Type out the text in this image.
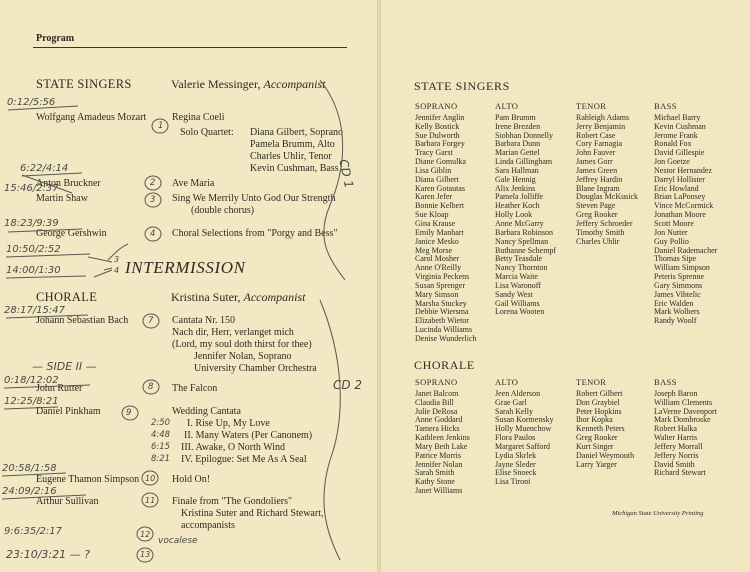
Program
STATE SINGERS	Valerie Messinger, Accompanist
Wolfgang Amadeus Mozart	Regina Coeli
Solo Quartet: Diana Gilbert, Soprano
Pamela Brumm, Alto
Charles Uhlir, Tenor
Kevin Cushman, Bass
Anton Bruckner	Ave Maria
Martin Shaw	Sing We Merrily Unto God Our Strength
(double chorus)
George Gershwin	Choral Selections from "Porgy and Bess"
INTERMISSION
CHORALE	Kristina Suter, Accompanist
Johann Sebastian Bach	Cantata Nr. 150
Nach dir, Herr, verlanget mich
(Lord, my soul doth thirst for thee)
Jennifer Nolan, Soprano
University Chamber Orchestra
John Rutter	The Falcon
Daniel Pinkham	Wedding Cantata
I. Rise Up, My Love
II. Many Waters (Per Canonem)
III. Awake, O North Wind
IV. Epilogue: Set Me As A Seal
Eugene Thamon Simpson	Hold On!
Arthur Sullivan	Finale from "The Gondoliers"
Kristina Suter and Richard Stewart,
accompanists
0:12/5:56
6:22/4:14
15:46/2:37
18:23/9:39
10:50/2:52
14:00/1:30
3
4
28:17/15:47
— SIDE II —
0:18/12:02
12:25/8:21
2:50
4:48
6:15
8:21
20:58/1:58
24:09/2:16
9:6:35/2:17
23:10/3:21 — ?
vocalese
CD 1
CD 2
1
2
3
4
7
8
9
10
11
12
13
STATE SINGERS
SOPRANO
Jennifer Anglin
Kelly Bostick
Sue Dulworth
Barbara Forgey
Tracy Garst
Diane Gomulka
Lisa Giblin
Diana Gilbert
Karen Gotautas
Karen Jefer
Bonnie Kelbert
Sue Kloap
Gina Krause
Emily Manhart
Janice Mesko
Meg Morse
Carol Mosher
Anne O'Reilly
Virginia Peckens
Susan Sprenger
Mary Simson
Marsha Stuckey
Debbie Wiersma
Elizabeth Wietor
Lucinda Williams
Denise Wunderlich
ALTO
Pam Brumm
Irene Brezden
Siobhan Donnelly
Barbara Dunn
Marian Gettel
Linda Gillingham
Sara Hallman
Gale Hennig
Alix Jenkins
Pamela Jolliffe
Heather Koch
Holly Look
Anne McGarry
Barbara Robinson
Nancy Spellman
Buthanne Schempf
Betty Teasdale
Nancy Thornton
Marcia Waite
Lisa Waronoff
Sandy West
Gail Williams
Lorena Wooten
TENOR
Rahleigh Adams
Jerry Benjamin
Robert Case
Cory Farnagia
John Fauver
James Gorr
James Green
Jeffrey Hardin
Blane Ingram
Douglas McKusick
Steven Page
Greg Rooker
Jeffery Schroeder
Timothy Smith
Charles Uhlir
BASS
Michael Barry
Kevin Cushman
Jerome Frank
Ronald Fox
David Gillespie
Jon Goetze
Nestor Hernandez
Darryl Hollister
Eric Howland
Brian LaPonsey
Vince McCormick
Jonathan Moore
Scott Moore
Jon Nutter
Guy Pollio
Daniel Rademacher
Thomas Sipe
William Simpson
Peteris Sprenne
Gary Simmons
James Vihtelic
Eric Walden
Mark Wolbers
Randy Woolf
CHORALE
SOPRANO
Janet Balcom
Claudia Bill
Julie DeRosa
Anne Goddard
Tamera Hicks
Kathleen Jenkins
Mary Beth Lake
Patrice Morris
Jennifer Nolan
Sarah Smith
Kathy Stone
Janet Williams
ALTO
Jeen Alderson
Grae Garl
Sarah Kelly
Susan Kormensky
Holly Muenchow
Flora Paulos
Margaret Safford
Lydia Skrlek
Jayne Sleder
Elise Snoeck
Lisa Tironi
TENOR
Robert Gilbert
Don Graybiel
Peter Hopkins
Ihor Kopka
Kenneth Peters
Greg Rooker
Kurt Singer
Daniel Weymouth
Larry Yarger
BASS
Joseph Baron
William Clements
LaVerne Davenport
Mark Dombroske
Robert Halka
Walter Harris
Jeffery Morrall
Jeffery Norris
David Smith
Richard Stewart
Michigan State University Printing
